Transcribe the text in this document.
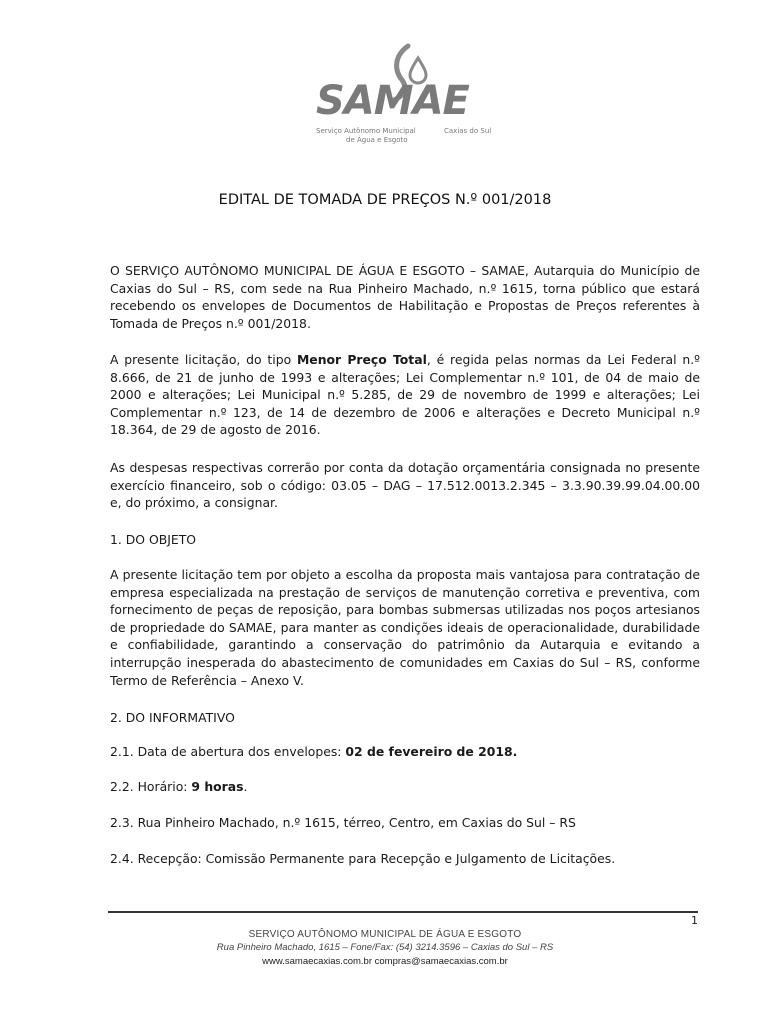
SAMAE
Serviço Autônomo Municipal
de Água e Esgoto
Caxias do Sul
EDITAL DE TOMADA DE PREÇOS N.º 001/2018

O SERVIÇO AUTÔNOMO MUNICIPAL DE ÁGUA E ESGOTO – SAMAE, Autarquia do Município de Caxias do Sul – RS, com sede na Rua Pinheiro Machado, n.º 1615, torna público que estará recebendo os envelopes de Documentos de Habilitação e Propostas de Preços referentes à Tomada de Preços n.º 001/2018.

A presente licitação, do tipo Menor Preço Total, é regida pelas normas da Lei Federal n.º 8.666, de 21 de junho de 1993 e alterações; Lei Complementar n.º 101, de 04 de maio de 2000 e alterações; Lei Municipal n.º 5.285, de 29 de novembro de 1999 e alterações; Lei Complementar n.º 123, de 14 de dezembro de 2006 e alterações e Decreto Municipal n.º 18.364, de 29 de agosto de 2016.

As despesas respectivas correrão por conta da dotação orçamentária consignada no presente exercício financeiro, sob o código: 03.05 – DAG – 17.512.0013.2.345 – 3.3.90.39.99.04.00.00 e, do próximo, a consignar.

1. DO OBJETO

A presente licitação tem por objeto a escolha da proposta mais vantajosa para contratação de empresa especializada na prestação de serviços de manutenção corretiva e preventiva, com fornecimento de peças de reposição, para bombas submersas utilizadas nos poços artesianos de propriedade do SAMAE, para manter as condições ideais de operacionalidade, durabilidade e confiabilidade, garantindo a conservação do patrimônio da Autarquia e evitando a interrupção inesperada do abastecimento de comunidades em Caxias do Sul – RS, conforme Termo de Referência – Anexo V.

2. DO INFORMATIVO

2.1. Data de abertura dos envelopes: 02 de fevereiro de 2018.

2.2. Horário: 9 horas.

2.3. Rua Pinheiro Machado, n.º 1615, térreo, Centro, em Caxias do Sul – RS

2.4. Recepção: Comissão Permanente para Recepção e Julgamento de Licitações.

1
SERVIÇO AUTÔNOMO MUNICIPAL DE ÁGUA E ESGOTO
Rua Pinheiro Machado, 1615 – Fone/Fax: (54) 3214.3596 – Caxias do Sul – RS
www.samaecaxias.com.br compras@samaecaxias.com.br
